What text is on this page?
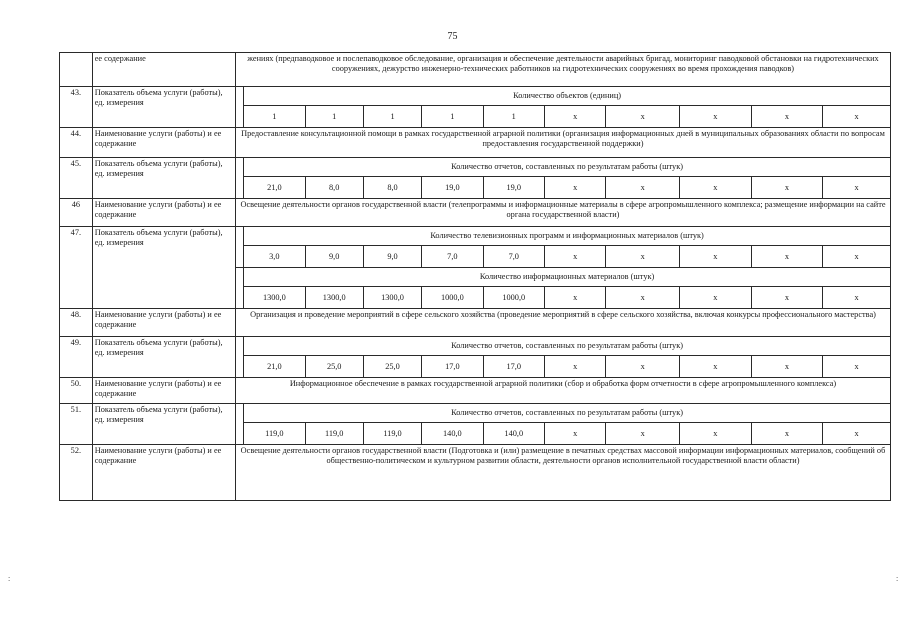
75
	ее содержание	жениях (предпаводковое и послепаводковое обследование, организация и обеспечение деятельности аварийных бригад, мониторинг паводковой обстановки на гидротехнических сооружениях, дежурство инженерно-технических работников на гидротехнических сооружениях во время прохождения паводков)										
43.	Показатель объема услуги (работы), ед. измерения		Количество объектов (единиц)									
			1	1	1	1	1	х	х	х	х	х
44.	Наименование услуги (работы) и ее содержание	Предоставление консультационной помощи в рамках государственной аграрной политики (организация информационных дней в муниципальных образованиях области по вопросам предоставления государственной поддержки)										
45.	Показатель объема услуги (работы), ед. измерения		Количество отчетов, составленных по результатам работы (штук)									
			21,0	8,0	8,0	19,0	19,0	х	х	х	х	х
46	Наименование услуги (работы) и ее содержание	Освещение деятельности органов государственной власти (телепрограммы и информационные материалы в сфере агропромышленного комплекса; размещение информации на сайте органа государственной власти)										
47.	Показатель объема услуги (работы), ед. измерения		Количество телевизионных программ и информационных материалов (штук)									
			3,0	9,0	9,0	7,0	7,0	х	х	х	х	х
			Количество информационных материалов (штук)									
			1300,0	1300,0	1300,0	1000,0	1000,0	х	х	х	х	х
48.	Наименование услуги (работы) и ее содержание	Организация и проведение мероприятий в сфере сельского хозяйства (проведение мероприятий в сфере сельского хозяйства, включая конкурсы профессионального мастерства)										
49.	Показатель объема услуги (работы), ед. измерения		Количество отчетов, составленных по результатам работы (штук)									
			21,0	25,0	25,0	17,0	17,0	х	х	х	х	х
50.	Наименование услуги (работы) и ее содержание	Информационное обеспечение в рамках государственной аграрной политики (сбор и обработка форм отчетности в сфере агропромышленного комплекса)										
51.	Показатель объема услуги (работы), ед. измерения		Количество отчетов, составленных по результатам работы (штук)									
			119,0	119,0	119,0	140,0	140,0	х	х	х	х	х
52.	Наименование услуги (работы) и ее содержание	Освещение деятельности органов государственной власти (Подготовка и (или) размещение в печатных средствах массовой информации информационных материалов, сообщений об общественно-политическом и культурном развитии области, деятельности органов исполнительной государственной власти области)										
:	:
